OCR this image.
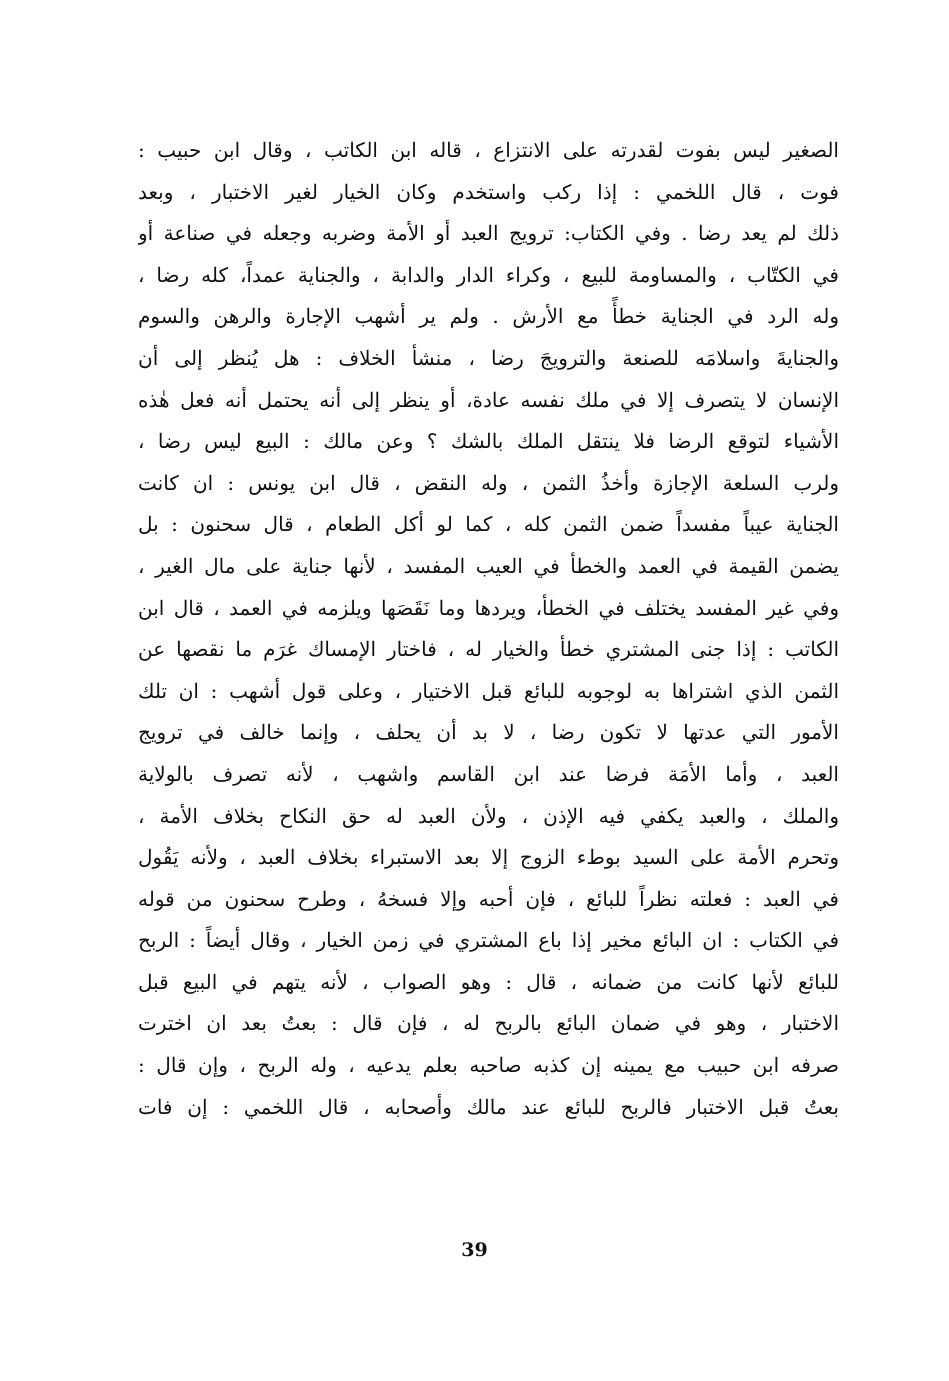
الصغير ليس بفوت لقدرته على الانتزاع ، قاله ابن الكاتب ، وقال ابن حبيب :
فوت ، قال اللخمي : إذا ركب واستخدم وكان الخيار لغير الاختبار ، وبعد
ذلك لم يعد رضا . وفي الكتاب: ترويج العبد أو الأمة وضربه وجعله في صناعة أو
في الكتّاب ، والمساومة للبيع ، وكراء الدار والدابة ، والجناية عمداً، كله رضا ،
وله الرد في الجناية خطأً مع الأرش . ولم ير أشهب الإجارة والرهن والسوم
والجنايةَ واسلامَه للصنعة والترويجَ رضا ، منشأ الخلاف : هل يُنظر إلى أن
الإنسان لا يتصرف إلا في ملك نفسه عادة، أو ينظر إلى أنه يحتمل أنه فعل هٰذه
الأشياء لتوقع الرضا فلا ينتقل الملك بالشك ؟ وعن مالك : البيع ليس رضا ،
ولرب السلعة الإجازة وأخذُ الثمن ، وله النقض ، قال ابن يونس : ان كانت
الجناية عيباً مفسداً ضمن الثمن كله ، كما لو أكل الطعام ، قال سحنون : بل
يضمن القيمة في العمد والخطأ في العيب المفسد ، لأنها جناية على مال الغير ،
وفي غير المفسد يختلف في الخطأ، ويردها وما نَقَصَها ويلزمه في العمد ، قال ابن
الكاتب : إذا جنى المشتري خطأ والخيار له ، فاختار الإمساك غرَم ما نقصها عن
الثمن الذي اشتراها به لوجوبه للبائع قبل الاختيار ، وعلى قول أشهب : ان تلك
الأمور التي عدتها لا تكون رضا ، لا بد أن يحلف ، وإنما خالف في ترويج
العبد ، وأما الأمَة فرضا عند ابن القاسم واشهب ، لأنه تصرف بالولاية
والملك ، والعبد يكفي فيه الإذن ، ولأن العبد له حق النكاح بخلاف الأمة ،
وتحرم الأمة على السيد بوطء الزوج إلا بعد الاستبراء بخلاف العبد ، ولأنه يَقُول
في العبد : فعلته نظراً للبائع ، فإن أحبه وإلا فسخهُ ، وطرح سحنون من قوله
في الكتاب : ان البائع مخير إذا باع المشتري في زمن الخيار ، وقال أيضاً : الربح
للبائع لأنها كانت من ضمانه ، قال : وهو الصواب ، لأنه يتهم في البيع قبل
الاختبار ، وهو في ضمان البائع بالربح له ، فإن قال : بعتُ بعد ان اخترت
صرفه ابن حبيب مع يمينه إن كذبه صاحبه بعلم يدعيه ، وله الربح ، وإن قال :
بعتُ قبل الاختبار فالربح للبائع عند مالك وأصحابه ، قال اللخمي : إن فات
39
